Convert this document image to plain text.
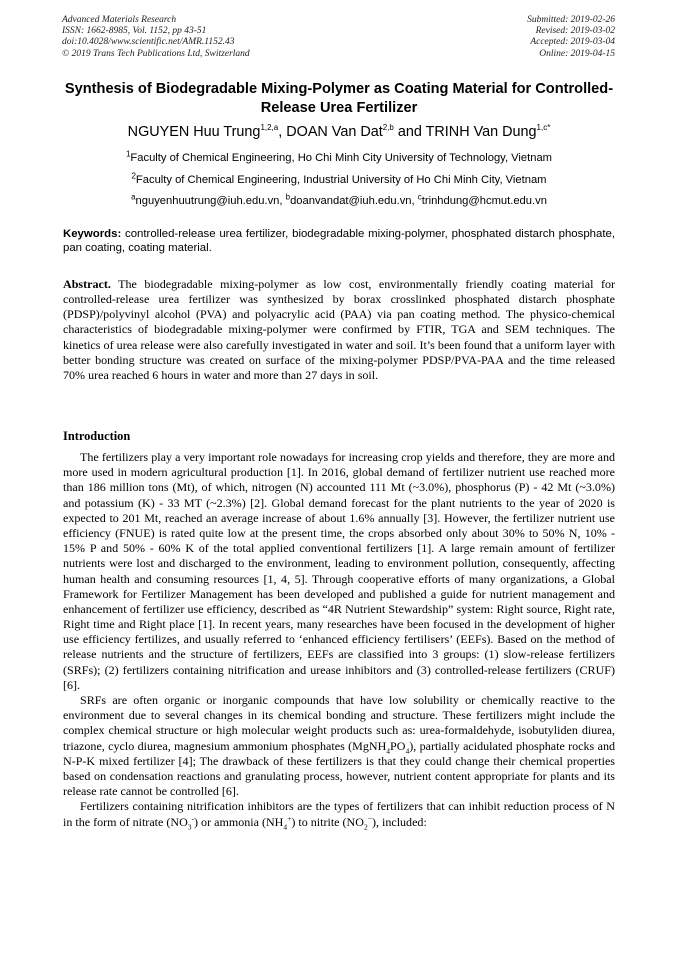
Advanced Materials Research
ISSN: 1662-8985, Vol. 1152, pp 43-51
doi:10.4028/www.scientific.net/AMR.1152.43
© 2019 Trans Tech Publications Ltd, Switzerland
Submitted: 2019-02-26
Revised: 2019-03-02
Accepted: 2019-03-04
Online: 2019-04-15
Synthesis of Biodegradable Mixing-Polymer as Coating Material for Controlled-Release Urea Fertilizer
NGUYEN Huu Trung$^{1,2,a}$, DOAN Van Dat$^{2,b}$ and TRINH Van Dung$^{1,c*}$
$^1$Faculty of Chemical Engineering, Ho Chi Minh City University of Technology, Vietnam
$^2$Faculty of Chemical Engineering, Industrial University of Ho Chi Minh City, Vietnam
$^a$nguyenhuutrung@iuh.edu.vn, $^b$doanvandat@iuh.edu.vn, $^c$trinhdung@hcmut.edu.vn
Keywords: controlled-release urea fertilizer, biodegradable mixing-polymer, phosphated distarch phosphate, pan coating, coating material.
Abstract. The biodegradable mixing-polymer as low cost, environmentally friendly coating material for controlled-release urea fertilizer was synthesized by borax crosslinked phosphated distarch phosphate (PDSP)/polyvinyl alcohol (PVA) and polyacrylic acid (PAA) via pan coating method. The physico-chemical characteristics of biodegradable mixing-polymer were confirmed by FTIR, TGA and SEM techniques. The kinetics of urea release were also carefully investigated in water and soil. It’s been found that a uniform layer with better bonding structure was created on surface of the mixing-polymer PDSP/PVA-PAA and the time released 70% urea reached 6 hours in water and more than 27 days in soil.
Introduction

The fertilizers play a very important role nowadays for increasing crop yields and therefore, they are more and more used in modern agricultural production [1]. In 2016, global demand of fertilizer nutrient use reached more than 186 million tons (Mt), of which, nitrogen (N) accounted 111 Mt (~3.0%), phosphorus (P) - 42 Mt (~3.0%) and potassium (K) - 33 MT (~2.3%) [2]. Global demand forecast for the plant nutrients to the year of 2020 is expected to 201 Mt, reached an average increase of about 1.6% annually [3]. However, the fertilizer nutrient use efficiency (FNUE) is rated quite low at the present time, the crops absorbed only about 30% to 50% N, 10% - 15% P and 50% - 60% K of the total applied conventional fertilizers [1]. A large remain amount of fertilizer nutrients were lost and discharged to the environment, leading to environment pollution, consequently, affecting human health and consuming resources [1, 4, 5]. Through cooperative efforts of many organizations, a Global Framework for Fertilizer Management has been developed and published a guide for nutrient management and enhancement of fertilizer use efficiency, described as “4R Nutrient Stewardship” system: Right source, Right rate, Right time and Right place [1]. In recent years, many researches have been focused in the development of higher use efficiency fertilizes, and usually referred to ‘enhanced efficiency fertilisers’ (EEFs). Based on the method of release nutrients and the structure of fertilizers, EEFs are classified into 3 groups: (1) slow-release fertilizers (SRFs); (2) fertilizers containing nitrification and urease inhibitors and (3) controlled-release fertilizers (CRUF) [6].

SRFs are often organic or inorganic compounds that have low solubility or chemically reactive to the environment due to several changes in its chemical bonding and structure. These fertilizers might include the complex chemical structure or high molecular weight products such as: urea-formaldehyde, isobutyliden diurea, triazone, cyclo diurea, magnesium ammonium phosphates $(MgNH_4PO_4)$, partially acidulated phosphate rocks and N-P-K mixed fertilizer [4]; The drawback of these fertilizers is that they could change their chemical properties based on condensation reactions and granulating process, however, nutrient content appropriate for plants and its release rate cannot be controlled [6].

Fertilizers containing nitrification inhibitors are the types of fertilizers that can inhibit reduction process of N in the form of nitrate $(NO_3^-)$ or ammonia $(NH_4^+)$ to nitrite $(NO_2^-)$, included:
